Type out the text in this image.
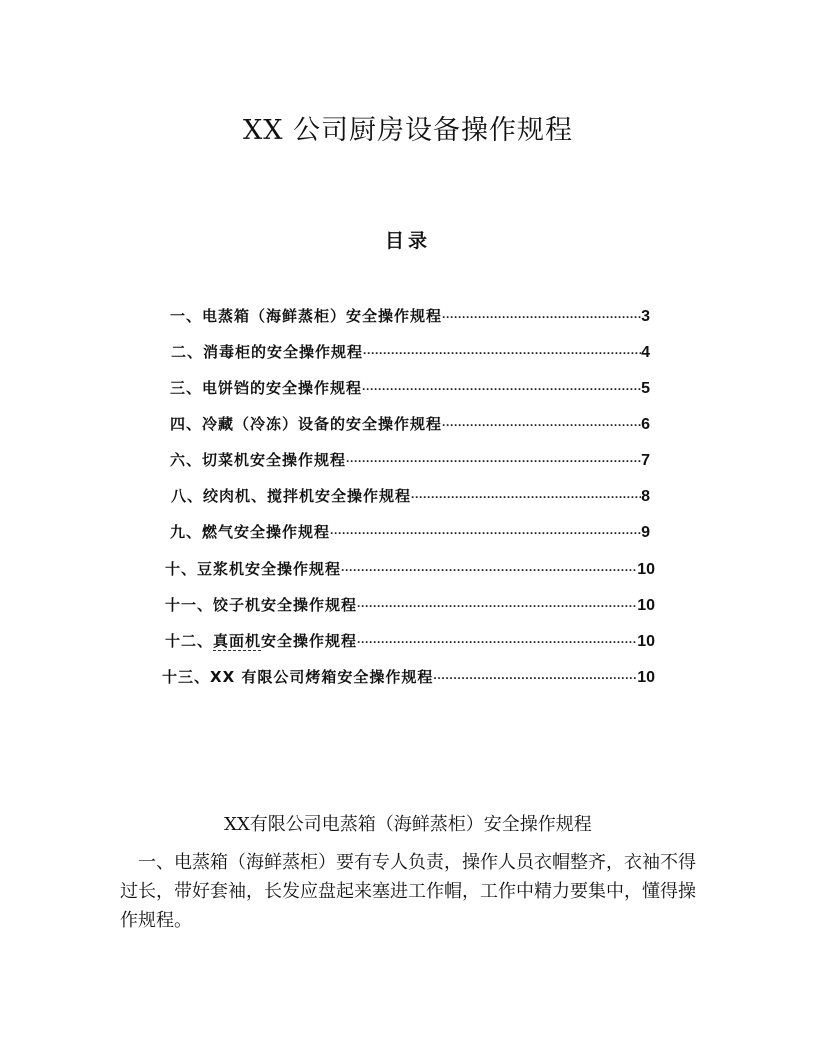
XX 公司厨房设备操作规程
目录
一、电蒸箱（海鲜蒸柜）安全操作规程 ·····	3
二、消毒柜的安全操作规程 ·····	4
三、电饼铛的安全操作规程 ·····	5
四、冷藏（冷冻）设备的安全操作规程 ·····	6
六、切菜机安全操作规程 ·····	7
八、绞肉机、搅拌机安全操作规程 ·····	8
九、燃气安全操作规程 ·····	9
十、豆浆机安全操作规程 ·····	10
十一、饺子机安全操作规程 ·····	10
十二、真面机安全操作规程 ·····	10
十三、XX 有限公司烤箱安全操作规程 ·····	10
XX有限公司电蒸箱（海鲜蒸柜）安全操作规程
一、电蒸箱（海鲜蒸柜）要有专人负责，操作人员衣帽整齐，衣袖不得过长，带好套袖，长发应盘起来塞进工作帽，工作中精力要集中，懂得操作规程。
